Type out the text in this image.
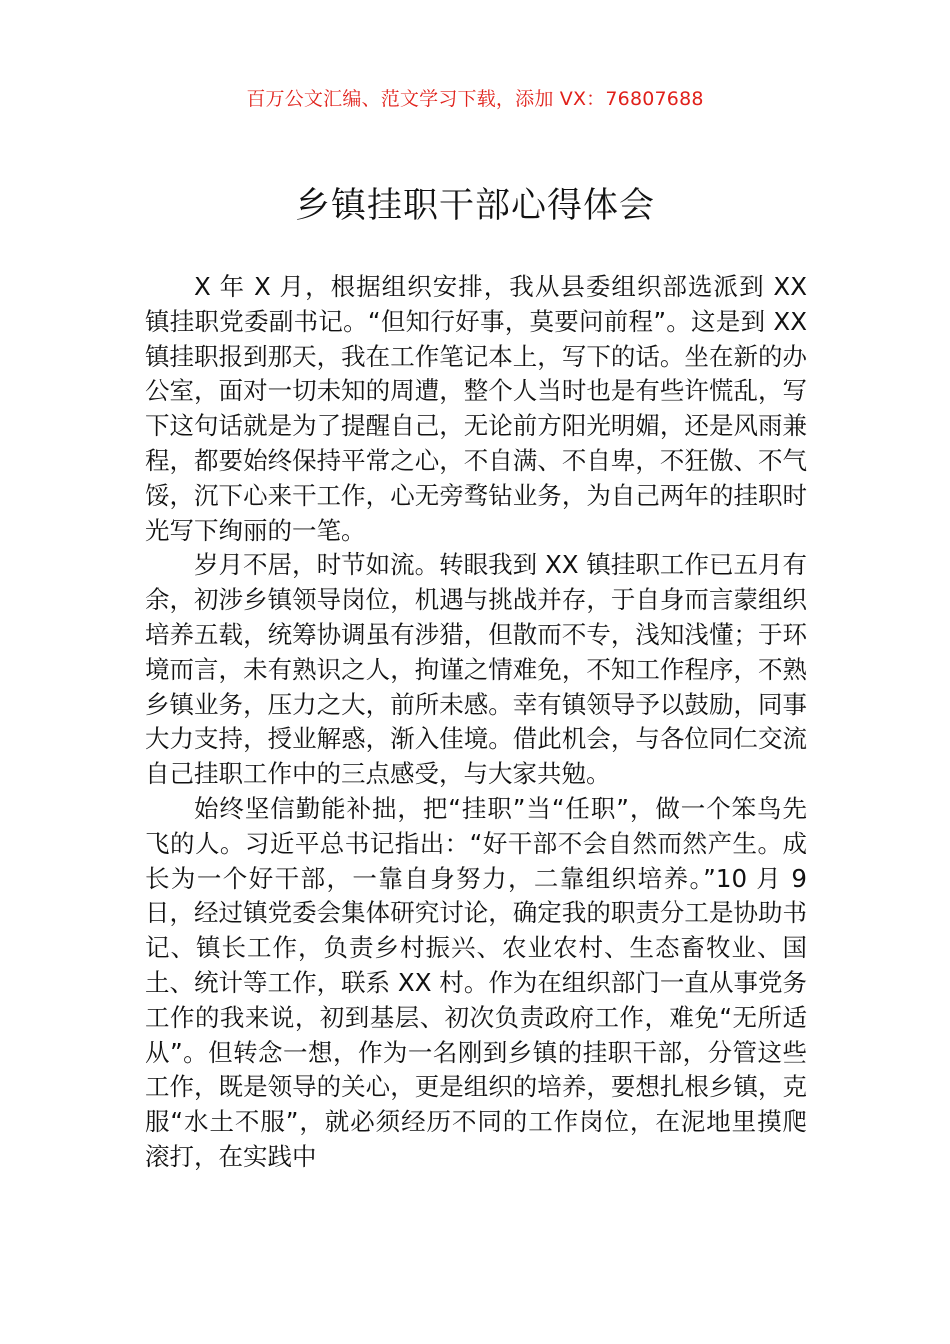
百万公文汇编、范文学习下载，添加 VX：76807688
乡镇挂职干部心得体会

X 年 X 月，根据组织安排，我从县委组织部选派到 XX 镇挂职党委副书记。“但知行好事，莫要问前程”。这是到 XX 镇挂职报到那天，我在工作笔记本上，写下的话。坐在新的办公室，面对一切未知的周遭，整个人当时也是有些许慌乱，写下这句话就是为了提醒自己，无论前方阳光明媚，还是风雨兼程，都要始终保持平常之心，不自满、不自卑，不狂傲、不气馁，沉下心来干工作，心无旁骛钻业务，为自己两年的挂职时光写下绚丽的一笔。

岁月不居，时节如流。转眼我到 XX 镇挂职工作已五月有余，初涉乡镇领导岗位，机遇与挑战并存，于自身而言蒙组织培养五载，统筹协调虽有涉猎，但散而不专，浅知浅懂；于环境而言，未有熟识之人，拘谨之情难免，不知工作程序，不熟乡镇业务，压力之大，前所未感。幸有镇领导予以鼓励，同事大力支持，授业解惑，渐入佳境。借此机会，与各位同仁交流自己挂职工作中的三点感受，与大家共勉。

始终坚信勤能补拙，把“挂职”当“任职”，做一个笨鸟先飞的人。习近平总书记指出：“好干部不会自然而然产生。成长为一个好干部，一靠自身努力，二靠组织培养。”10 月 9 日，经过镇党委会集体研究讨论，确定我的职责分工是协助书记、镇长工作，负责乡村振兴、农业农村、生态畜牧业、国土、统计等工作，联系 XX 村。作为在组织部门一直从事党务工作的我来说，初到基层、初次负责政府工作，难免“无所适从”。但转念一想，作为一名刚到乡镇的挂职干部，分管这些工作，既是领导的关心，更是组织的培养，要想扎根乡镇，克服“水土不服”，就必须经历不同的工作岗位，在泥地里摸爬滚打，在实践中
